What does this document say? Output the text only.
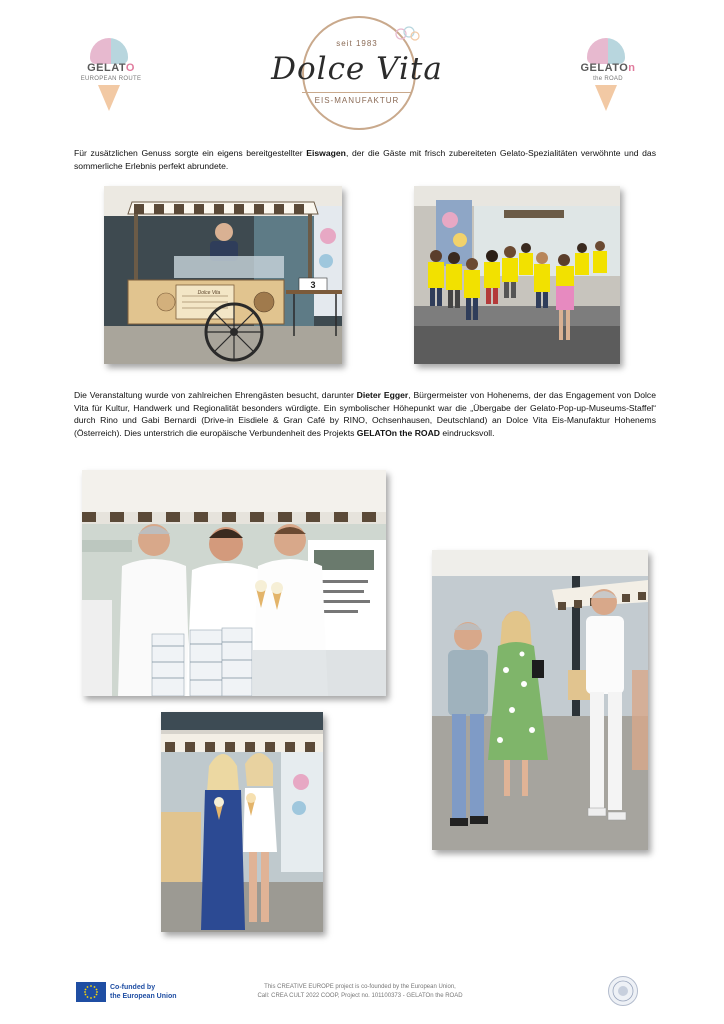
GELATO
EUROPEAN ROUTE
seit 1983
Dolce Vita
EIS-MANUFAKTUR
GELATOn
the ROAD
Für zusätzlichen Genuss sorgte ein eigens bereitgestellter Eiswagen, der die Gäste mit frisch zubereiteten Gelato-Spezialitäten verwöhnte und das sommerliche Erlebnis perfekt abrundete.
Dolce Vita
3
Die Veranstaltung wurde von zahlreichen Ehrengästen besucht, darunter Dieter Egger, Bürgermeister von Hohenems, der das Engagement von Dolce Vita für Kultur, Handwerk und Regionalität besonders würdigte. Ein symbolischer Höhepunkt war die „Übergabe der Gelato-Pop-up-Museums-Staffel“ durch Rino und Gabi Bernardi (Drive-in Eisdiele & Gran Café by RINO, Ochsenhausen, Deutschland) an Dolce Vita Eis-Manufaktur Hohenems (Österreich). Dies unterstrich die europäische Verbundenheit des Projekts GELATOn the ROAD eindrucksvoll.
Co-funded by
the European Union
This CREATIVE EUROPE project is co-founded by the European Union,
Call: CREA CULT 2022 COOP, Project no. 101100373 - GELATOn the ROAD
